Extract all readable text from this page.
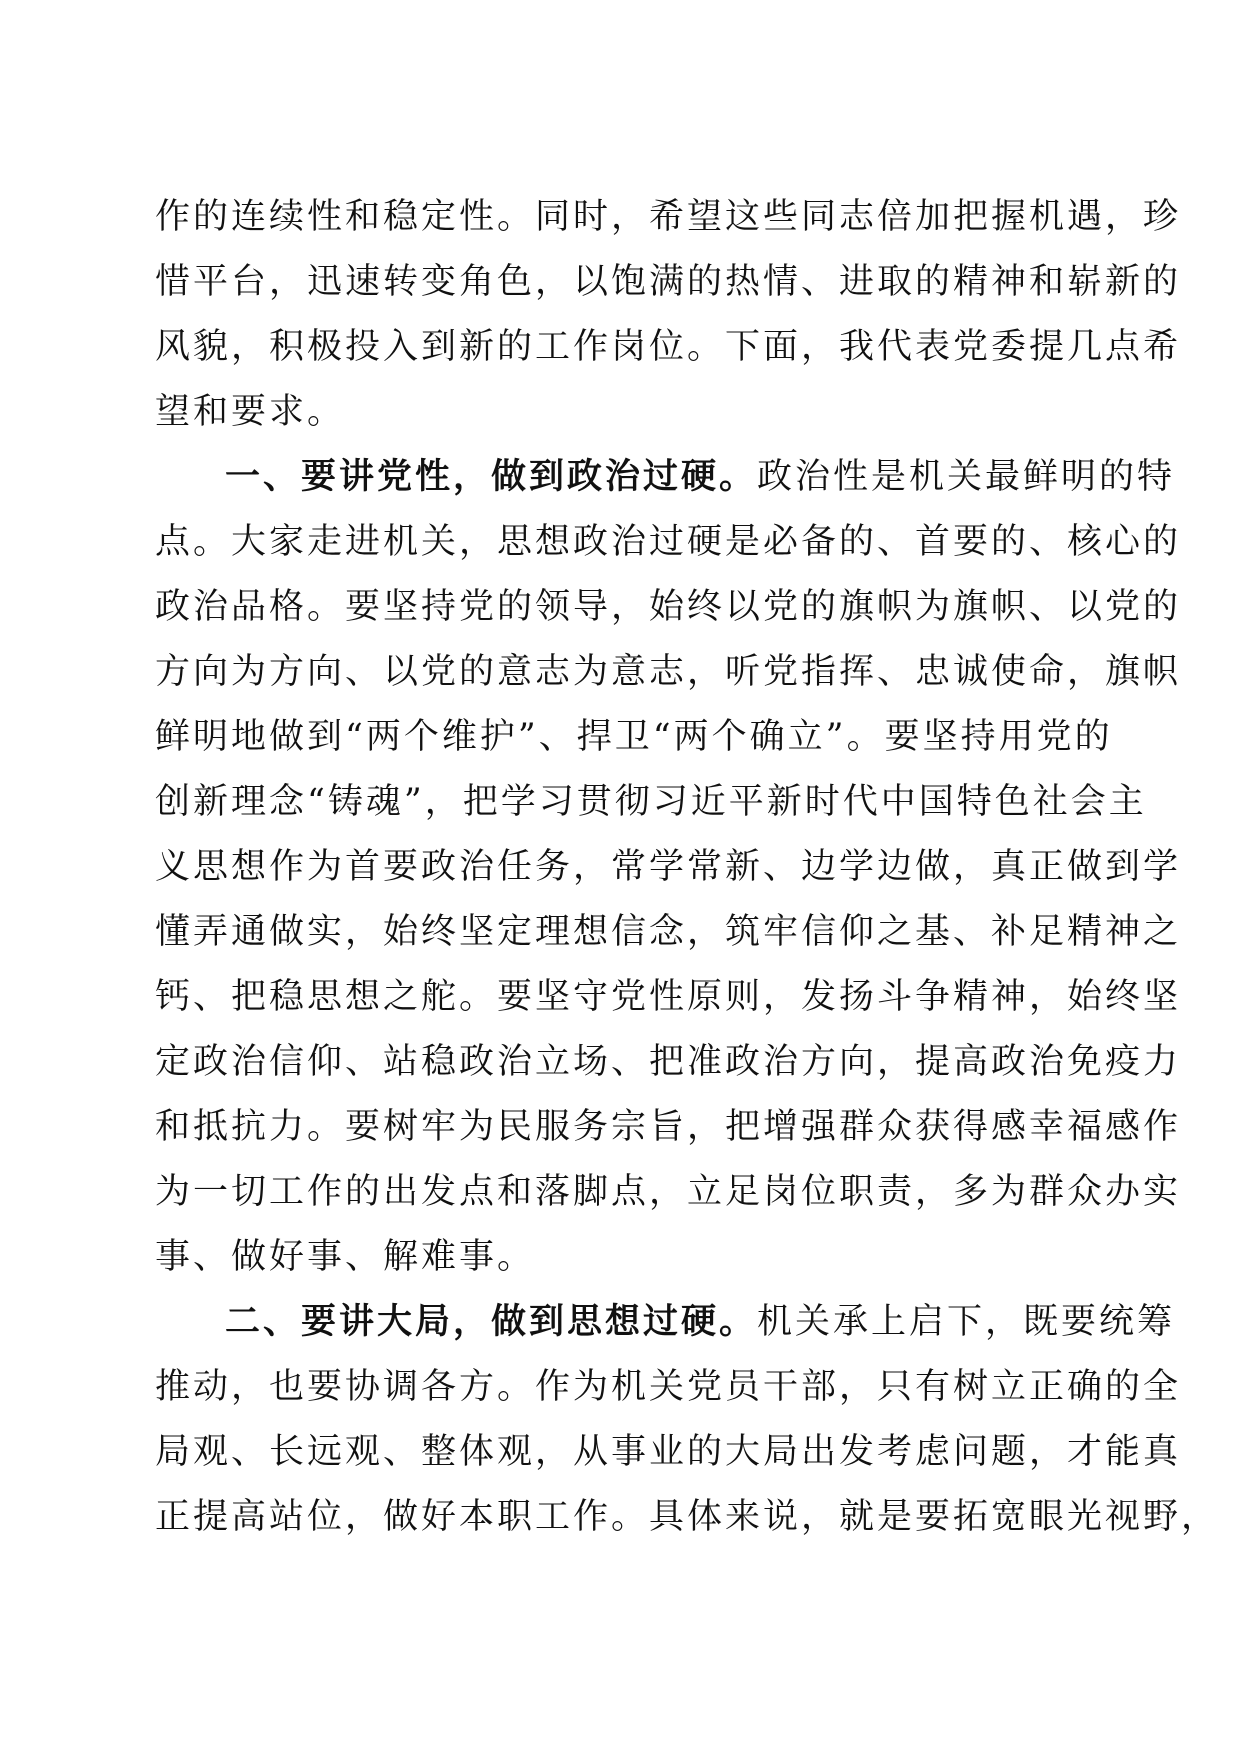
作的连续性和稳定性。同时，希望这些同志倍加把握机遇，珍
惜平台，迅速转变角色，以饱满的热情、进取的精神和崭新的
风貌，积极投入到新的工作岗位。下面，我代表党委提几点希
望和要求。
一、要讲党性，做到政治过硬。政治性是机关最鲜明的特
点。大家走进机关，思想政治过硬是必备的、首要的、核心的
政治品格。要坚持党的领导，始终以党的旗帜为旗帜、以党的
方向为方向、以党的意志为意志，听党指挥、忠诚使命，旗帜
鲜明地做到“两个维护”、捍卫“两个确立”。要坚持用党的
创新理念“铸魂”，把学习贯彻习近平新时代中国特色社会主
义思想作为首要政治任务，常学常新、边学边做，真正做到学
懂弄通做实，始终坚定理想信念，筑牢信仰之基、补足精神之
钙、把稳思想之舵。要坚守党性原则，发扬斗争精神，始终坚
定政治信仰、站稳政治立场、把准政治方向，提高政治免疫力
和抵抗力。要树牢为民服务宗旨，把增强群众获得感幸福感作
为一切工作的出发点和落脚点，立足岗位职责，多为群众办实
事、做好事、解难事。
二、要讲大局，做到思想过硬。机关承上启下，既要统筹
推动，也要协调各方。作为机关党员干部，只有树立正确的全
局观、长远观、整体观，从事业的大局出发考虑问题，才能真
正提高站位，做好本职工作。具体来说，就是要拓宽眼光视野，
